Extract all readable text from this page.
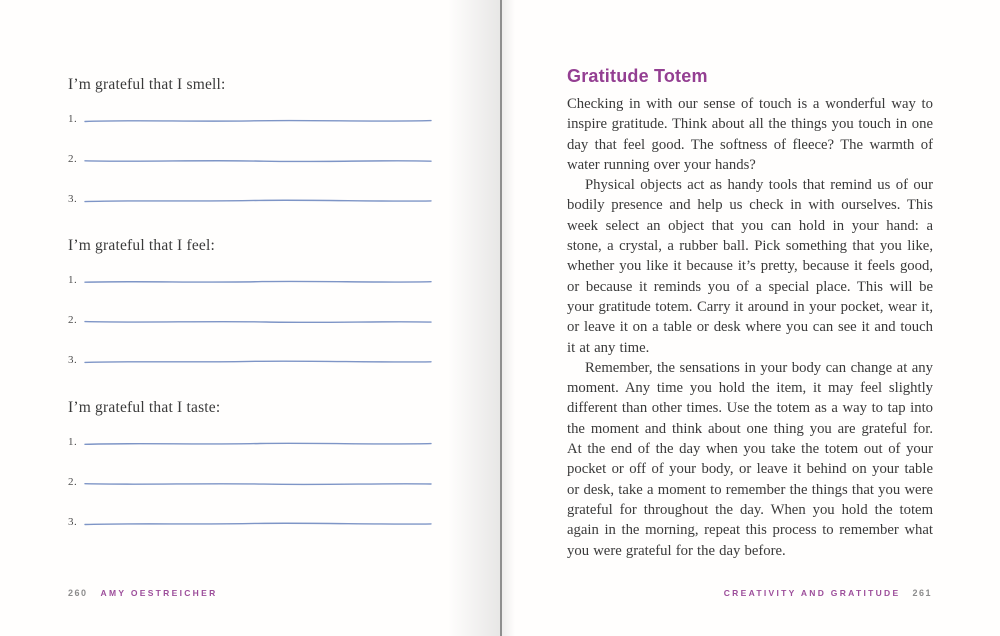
I’m grateful that I smell:
1.
2.
3.
I’m grateful that I feel:
1.
2.
3.
I’m grateful that I taste:
1.
2.
3.
260 AMY OESTREICHER
Gratitude Totem

Checking in with our sense of touch is a wonderful way to inspire gratitude. Think about all the things you touch in one day that feel good. The softness of fleece? The warmth of water running over your hands?

Physical objects act as handy tools that remind us of our bodily presence and help us check in with ourselves. This week select an object that you can hold in your hand: a stone, a crystal, a rubber ball. Pick something that you like, whether you like it because it’s pretty, because it feels good, or because it reminds you of a special place. This will be your gratitude totem. Carry it around in your pocket, wear it, or leave it on a table or desk where you can see it and touch it at any time.

Remember, the sensations in your body can change at any moment. Any time you hold the item, it may feel slightly different than other times. Use the totem as a way to tap into the moment and think about one thing you are grateful for. At the end of the day when you take the totem out of your pocket or off of your body, or leave it behind on your table or desk, take a moment to remember the things that you were grateful for throughout the day. When you hold the totem again in the morning, repeat this process to remember what you were grateful for the day before.

CREATIVITY AND GRATITUDE 261
